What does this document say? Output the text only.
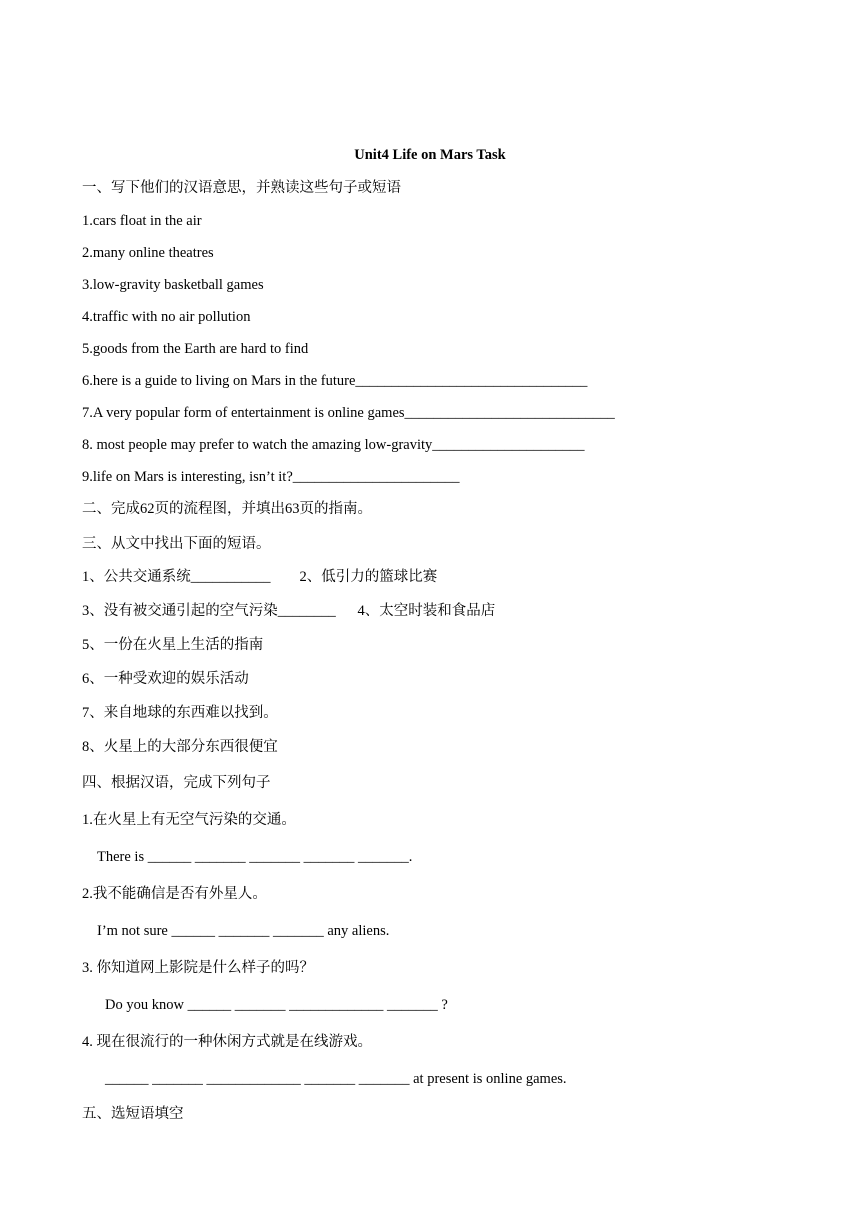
Unit4 Life on Mars Task
一、写下他们的汉语意思，并熟读这些句子或短语
1.cars float in the air
2.many online theatres
3.low-gravity basketball games
4.traffic with no air pollution
5.goods from the Earth are hard to find
6.here is a guide to living on Mars in the future________________________________
7.A very popular form of entertainment is online games_____________________________
8. most people may prefer to watch the amazing low-gravity_____________________
9.life on Mars is interesting, isn’t it?_______________________
二、完成62页的流程图，并填出63页的指南。
三、从文中找出下面的短语。
1、公共交通系统___________        2、低引力的篮球比赛
3、没有被交通引起的空气污染________      4、太空时装和食品店
5、一份在火星上生活的指南
6、一种受欢迎的娱乐活动
7、来自地球的东西难以找到。
8、火星上的大部分东西很便宜
四、根据汉语，完成下列句子
1.在火星上有无空气污染的交通。
There is ______ _______ _______ _______ _______.
2.我不能确信是否有外星人。
I’m not sure ______ _______ _______ any aliens.
3. 你知道网上影院是什么样子的吗？
Do you know ______ _______ _____________ _______ ?
4. 现在很流行的一种休闲方式就是在线游戏。
______ _______ _____________ _______ _______ at present is online games.
五、选短语填空
